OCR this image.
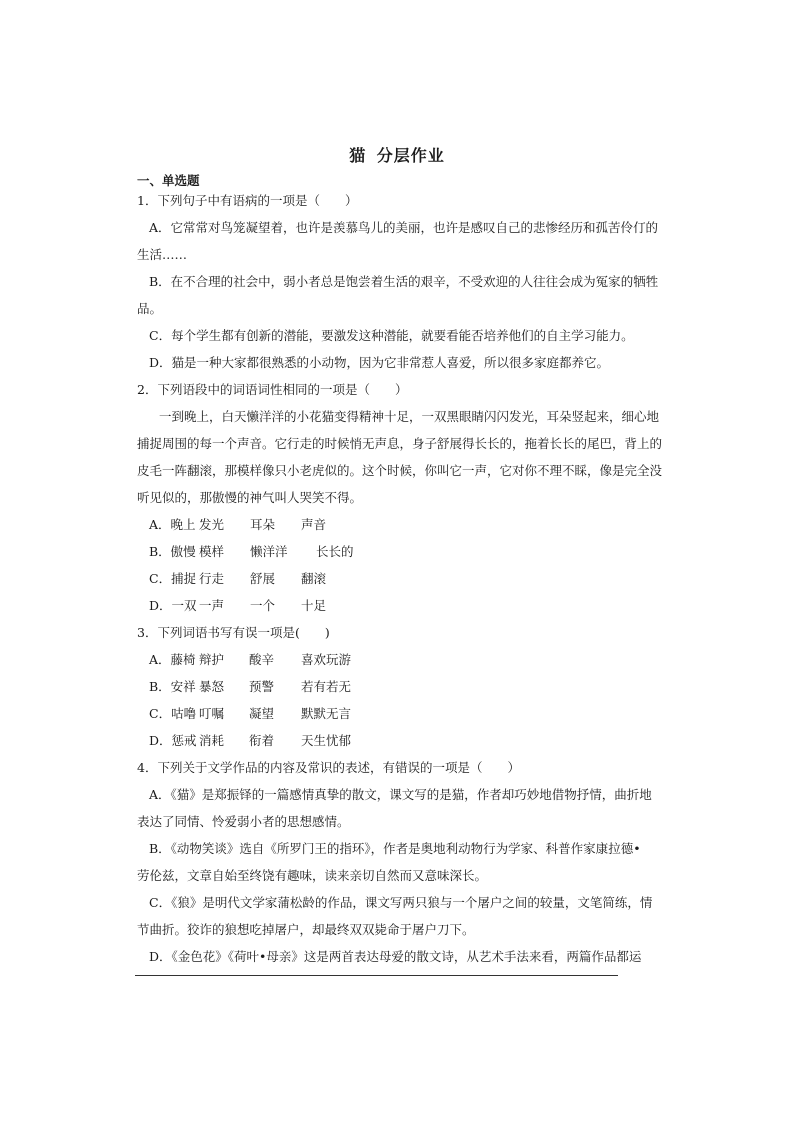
猫 分层作业
一、单选题
1．下列句子中有语病的一项是（　　）
A．它常常对鸟笼凝望着，也许是羡慕鸟儿的美丽，也许是感叹自己的悲惨经历和孤苦伶仃的
生活……
B．在不合理的社会中，弱小者总是饱尝着生活的艰辛，不受欢迎的人往往会成为冤家的牺牲
品。
C．每个学生都有创新的潜能，要激发这种潜能，就要看能否培养他们的自主学习能力。
D．猫是一种大家都很熟悉的小动物，因为它非常惹人喜爱，所以很多家庭都养它。
2．下列语段中的词语词性相同的一项是（　　）
一到晚上，白天懒洋洋的小花猫变得精神十足，一双黑眼睛闪闪发光，耳朵竖起来，细心地
捕捉周围的每一个声音。它行走的时候悄无声息，身子舒展得长长的，拖着长长的尾巴，背上的
皮毛一阵翻滚，那模样像只小老虎似的。这个时候，你叫它一声，它对你不理不睬，像是完全没
听见似的，那傲慢的神气叫人哭笑不得。
A．晚上 发光 耳朵 声音
B．傲慢 模样 懒洋洋 长长的
C．捕捉 行走 舒展 翻滚
D．一双 一声 一个 十足
3．下列词语书写有误一项是(　　)
A．藤椅 辩护 酸辛 喜欢玩游
B．安祥 暴怒 预警 若有若无
C．咕噜 叮嘱 凝望 默默无言
D．惩戒 消耗 衔着 天生忧郁
4．下列关于文学作品的内容及常识的表述，有错误的一项是（　　）
A．《猫》是郑振铎的一篇感情真挚的散文，课文写的是猫，作者却巧妙地借物抒情，曲折地
表达了同情、怜爱弱小者的思想感情。
B．《动物笑谈》选自《所罗门王的指环》，作者是奥地利动物行为学家、科普作家康拉德•
劳伦兹，文章自始至终饶有趣味，读来亲切自然而又意味深长。
C．《狼》是明代文学家蒲松龄的作品，课文写两只狼与一个屠户之间的较量，文笔简练，情
节曲折。狡诈的狼想吃掉屠户，却最终双双毙命于屠户刀下。
D．《金色花》《荷叶•母亲》这是两首表达母爱的散文诗，从艺术手法来看，两篇作品都运
